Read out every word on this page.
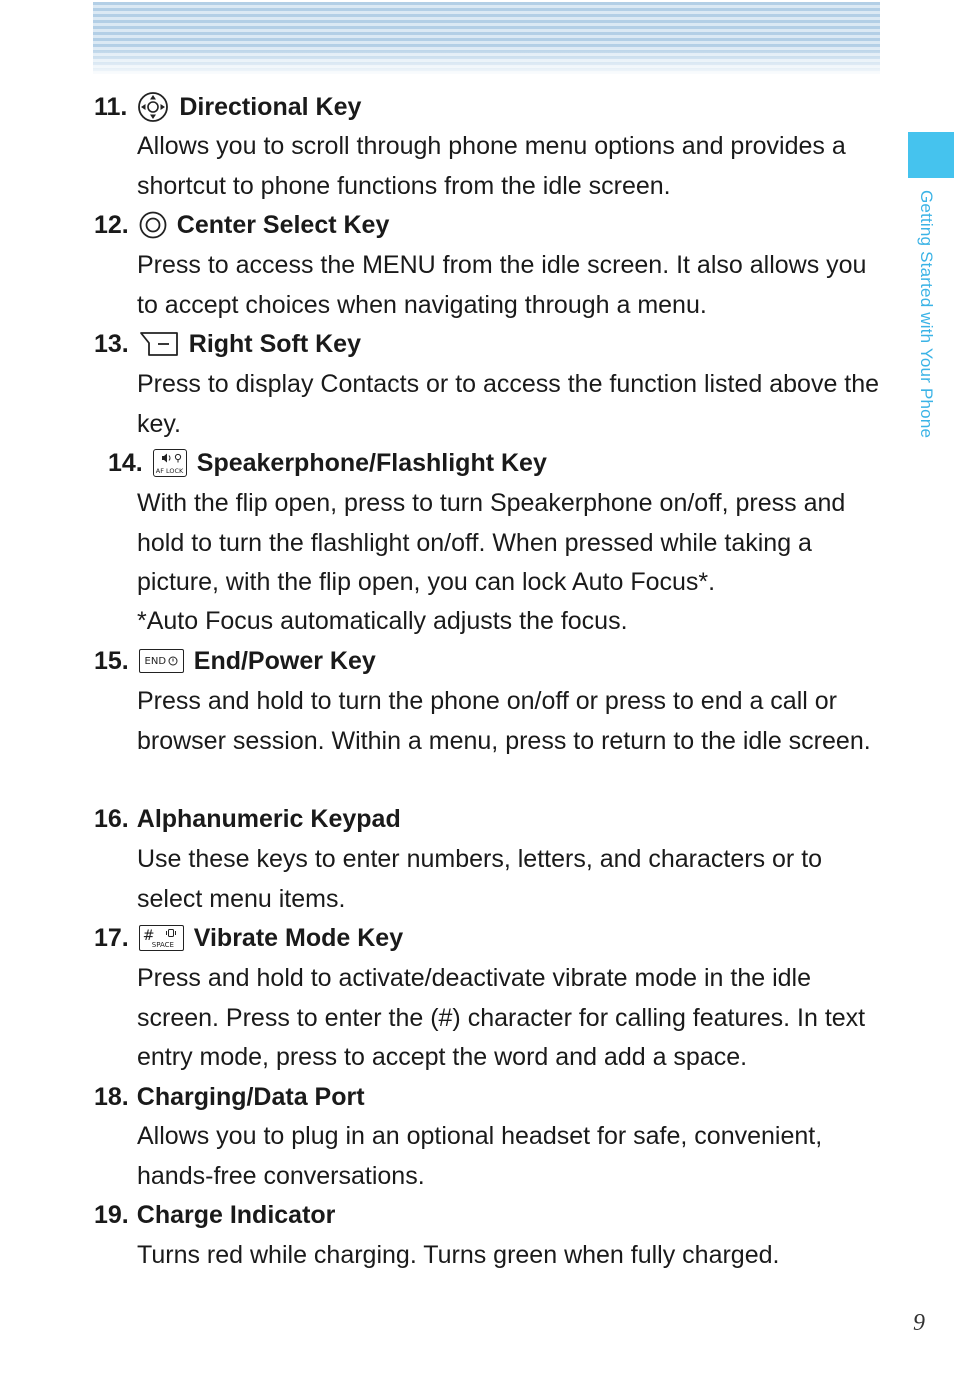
Getting Started with Your Phone
11. Directional Key
Allows you to scroll through phone menu options and provides a shortcut to phone functions from the idle screen.
12. Center Select Key
Press to access the MENU from the idle screen. It also allows you to accept choices when navigating through a menu.
13. Right Soft Key
Press to display Contacts or to access the function listed above the key.
14. AF LOCK Speakerphone/Flashlight Key
With the flip open, press to turn Speakerphone on/off, press and hold to turn the flashlight on/off. When pressed while taking a picture, with the flip open, you can lock Auto Focus*.
*Auto Focus automatically adjusts the focus.
15. END End/Power Key
Press and hold to turn the phone on/off or press to end a call or browser session. Within a menu, press to return to the idle screen.
16. Alphanumeric Keypad
Use these keys to enter numbers, letters, and characters or to select menu items.
17. #
SPACE Vibrate Mode Key
Press and hold to activate/deactivate vibrate mode in the idle screen. Press to enter the (#) character for calling features. In text entry mode, press to accept the word and add a space.
18. Charging/Data Port
Allows you to plug in an optional headset for safe, convenient, hands-free conversations.
19. Charge Indicator
Turns red while charging. Turns green when fully charged.
9
